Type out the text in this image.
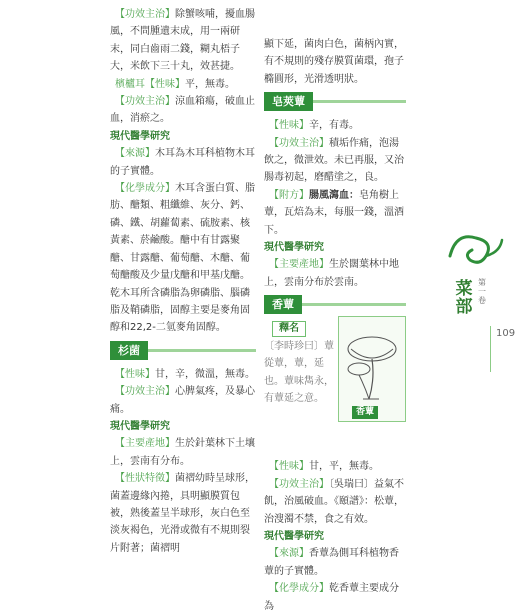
【功效主治】除蟹咳哺，擾血腸風，不問腫遺末成，用一兩研末，同白齒雨二錢，糊丸梧子大，米飲下三十丸，效甚捷。

檳櫨耳【性味】平，無毒。

【功效主治】涼血箱瘍，破血止血，消瘀之。

現代醫學研究

【來源】木耳為木耳科植物木耳的子實體。

【化學成分】木耳含蛋白質、脂肪、醣類、粗纖維、灰分、鈣、磷、鐵、胡蘿蔔素、硫胺素、核黃素、菸鹼酸。醣中有甘露聚醣、甘露醣、葡萄醣、木醣、葡萄醣酸及少量戊醣和甲基戊醣。乾木耳所含磷脂為卵磷脂、腦磷脂及鞘磷脂，固醇主要是麥角固醇和22,2-二氫麥角固醇。

杉菌

【性味】甘，辛，微溫，無毒。

【功效主治】心脾氣疼，及暴心痛。

現代醫學研究

【主要產地】生於針葉林下土壤上，雲南有分布。

【性狀特徵】菌褶幼時呈球形，菌蓋邊緣內捲，具明顯膜質包被，熟後蓋呈半球形，灰白色至淡灰褐色，光滑或微有不規則裂片附著；菌褶明

顯下延，菌肉白色，菌柄內實，有不規則的殘存膜質菌環，孢子橢圓形，光滑透明狀。

皂莢蕈

【性味】辛，有毒。

【功效主治】積垢作痛，泡湯飲之，微泄效。未已再服，又治腸毒初起，磨醋塗之，良。

【附方】腸風瀉血：皂角樹上蕈，瓦焙為末，每服一錢，溫酒下。

現代醫學研究

【主要產地】生於闊葉林中地上，雲南分布於雲南。

香蕈
釋名

〔李時珍曰〕蕈從蕈，蕈，延也。蕈味雋永，有蕈延之意。

香蕈

【性味】甘，平，無毒。

【功效主治】〔吳瑞曰〕益氣不飢，治風破血。《頤譜》：松蕈，治溲濁不禁，食之有效。

現代醫學研究

【來源】香蕈為側耳科植物香蕈的子實體。

【化學成分】乾香蕈主要成分為

菜部
第一卷
109
